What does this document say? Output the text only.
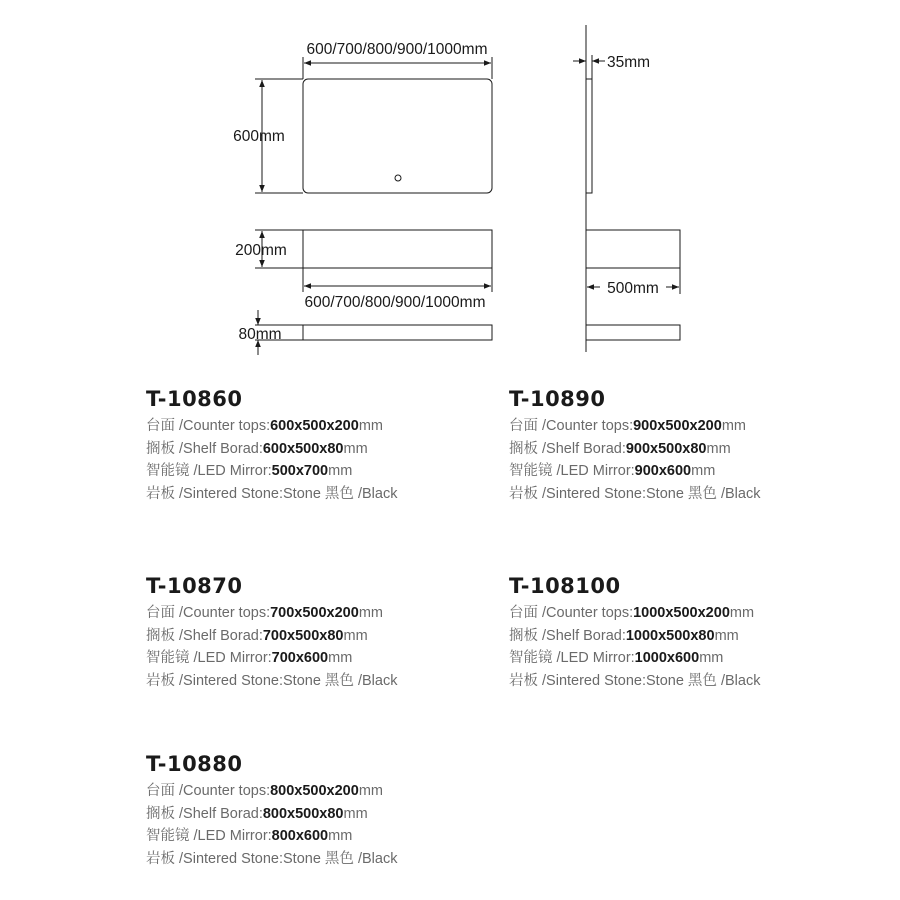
600/700/800/900/1000mm
600mm
200mm
600/700/800/900/1000mm
80mm
35mm
500mm
T-10860
台面 /Counter tops:600x500x200mm
搁板 /Shelf Borad:600x500x80mm
智能镜 /LED Mirror:500x700mm
岩板 /Sintered Stone:Stone 黑色 /Black
T-10890
台面 /Counter tops:900x500x200mm
搁板 /Shelf Borad:900x500x80mm
智能镜 /LED Mirror:900x600mm
岩板 /Sintered Stone:Stone 黑色 /Black
T-10870
台面 /Counter tops:700x500x200mm
搁板 /Shelf Borad:700x500x80mm
智能镜 /LED Mirror:700x600mm
岩板 /Sintered Stone:Stone 黑色 /Black
T-108100
台面 /Counter tops:1000x500x200mm
搁板 /Shelf Borad:1000x500x80mm
智能镜 /LED Mirror:1000x600mm
岩板 /Sintered Stone:Stone 黑色 /Black
T-10880
台面 /Counter tops:800x500x200mm
搁板 /Shelf Borad:800x500x80mm
智能镜 /LED Mirror:800x600mm
岩板 /Sintered Stone:Stone 黑色 /Black
